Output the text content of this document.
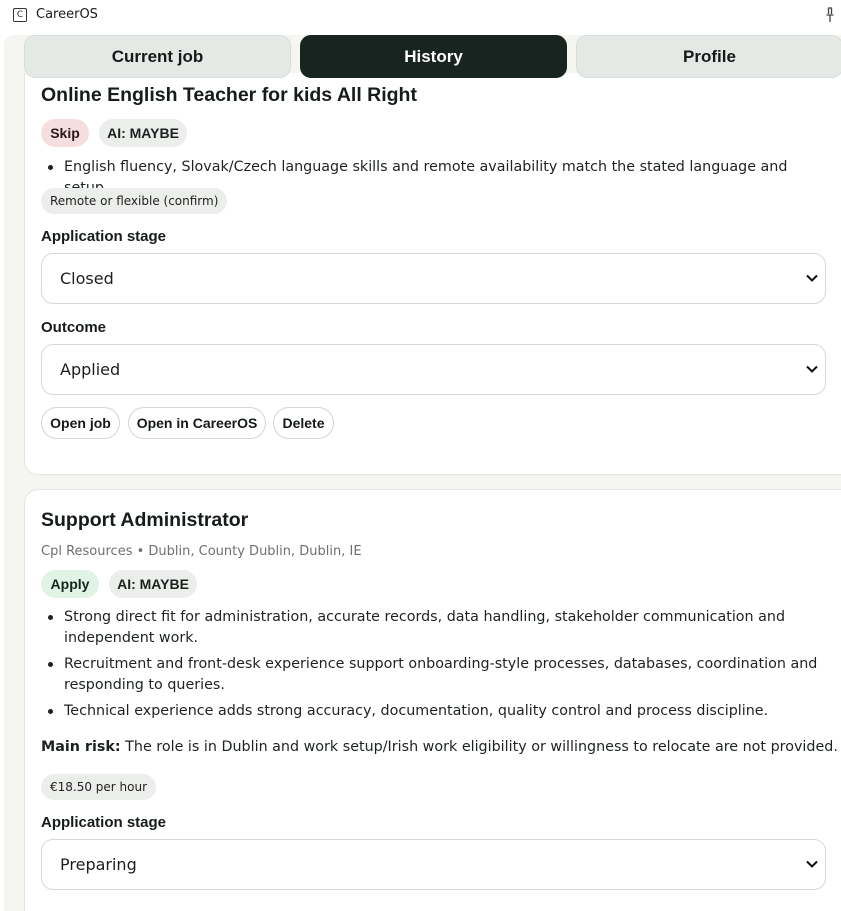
C CareerOS
Online English Teacher for kids All Right
Skip	AI: MAYBE
English fluency, Slovak/Czech language skills and remote availability match the stated language and
Remote or flexible (confirm)
Application stage
Closed
Outcome
Applied
Open job	Open in CareerOS	Delete
Support Administrator
Cpl Resources • Dublin, County Dublin, Dublin, IE
Apply	AI: MAYBE
Strong direct fit for administration, accurate records, data handling, stakeholder communication and independent work.
Recruitment and front-desk experience support onboarding-style processes, databases, coordination and responding to queries.
Technical experience adds strong accuracy, documentation, quality control and process discipline.
Main risk: The role is in Dublin and work setup/Irish work eligibility or willingness to relocate are not provided.
€18.50 per hour
Application stage
Preparing
Current job	History	Profile
